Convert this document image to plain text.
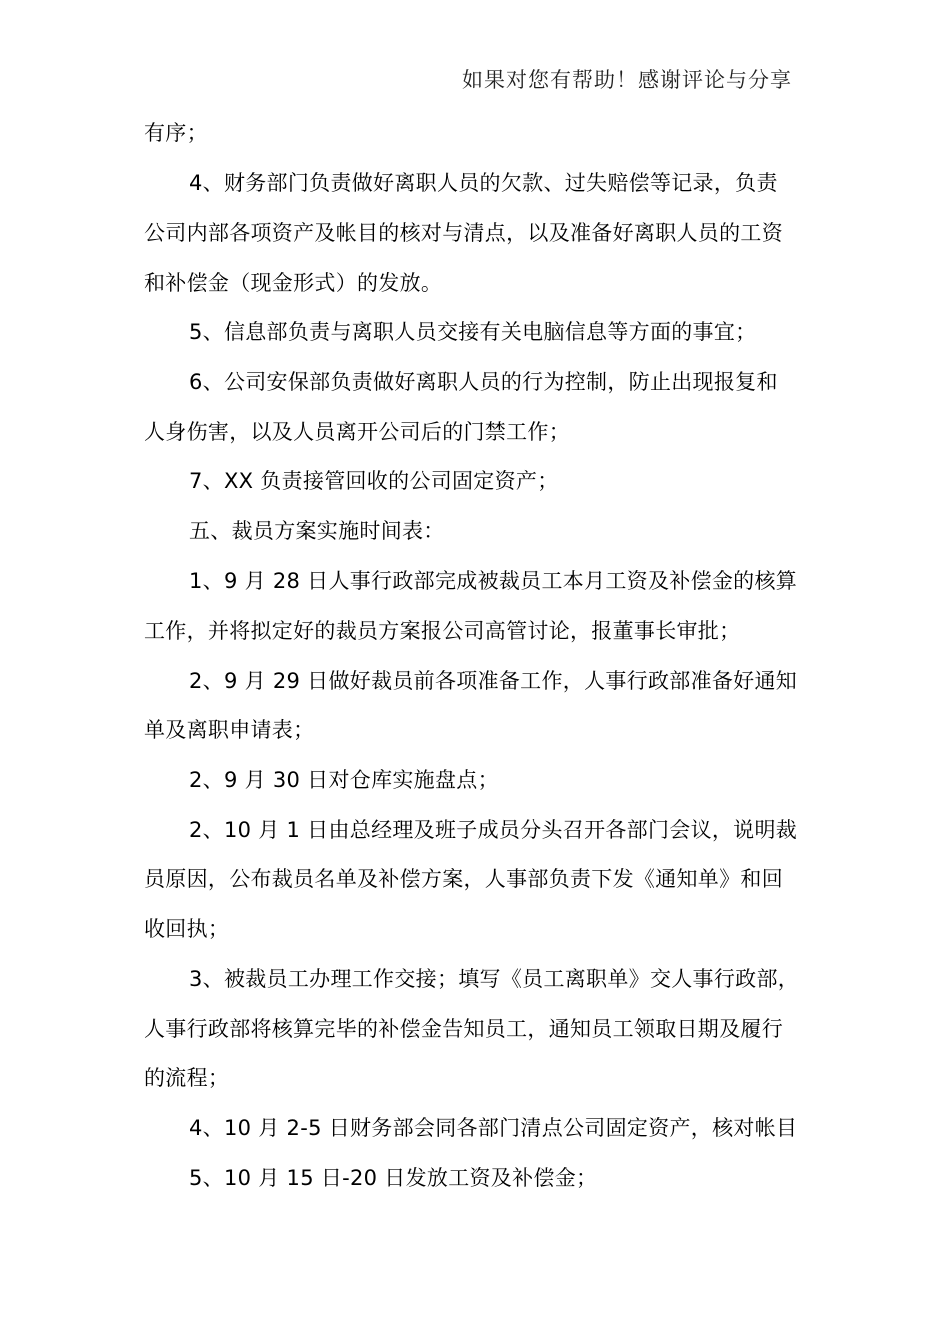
如果对您有帮助！感谢评论与分享
有序；
4、财务部门负责做好离职人员的欠款、过失赔偿等记录，负责
公司内部各项资产及帐目的核对与清点，以及准备好离职人员的工资
和补偿金（现金形式）的发放。
5、信息部负责与离职人员交接有关电脑信息等方面的事宜；
6、公司安保部负责做好离职人员的行为控制，防止出现报复和
人身伤害，以及人员离开公司后的门禁工作；
7、XX 负责接管回收的公司固定资产；
五、裁员方案实施时间表：
1、9 月 28 日人事行政部完成被裁员工本月工资及补偿金的核算
工作，并将拟定好的裁员方案报公司高管讨论，报董事长审批；
2、9 月 29 日做好裁员前各项准备工作，人事行政部准备好通知
单及离职申请表；
2、9 月 30 日对仓库实施盘点；
2、10 月 1 日由总经理及班子成员分头召开各部门会议，说明裁
员原因，公布裁员名单及补偿方案，人事部负责下发《通知单》和回
收回执；
3、被裁员工办理工作交接；填写《员工离职单》交人事行政部，
人事行政部将核算完毕的补偿金告知员工，通知员工领取日期及履行
的流程；
4、10 月 2-5 日财务部会同各部门清点公司固定资产，核对帐目
5、10 月 15 日-20 日发放工资及补偿金；
